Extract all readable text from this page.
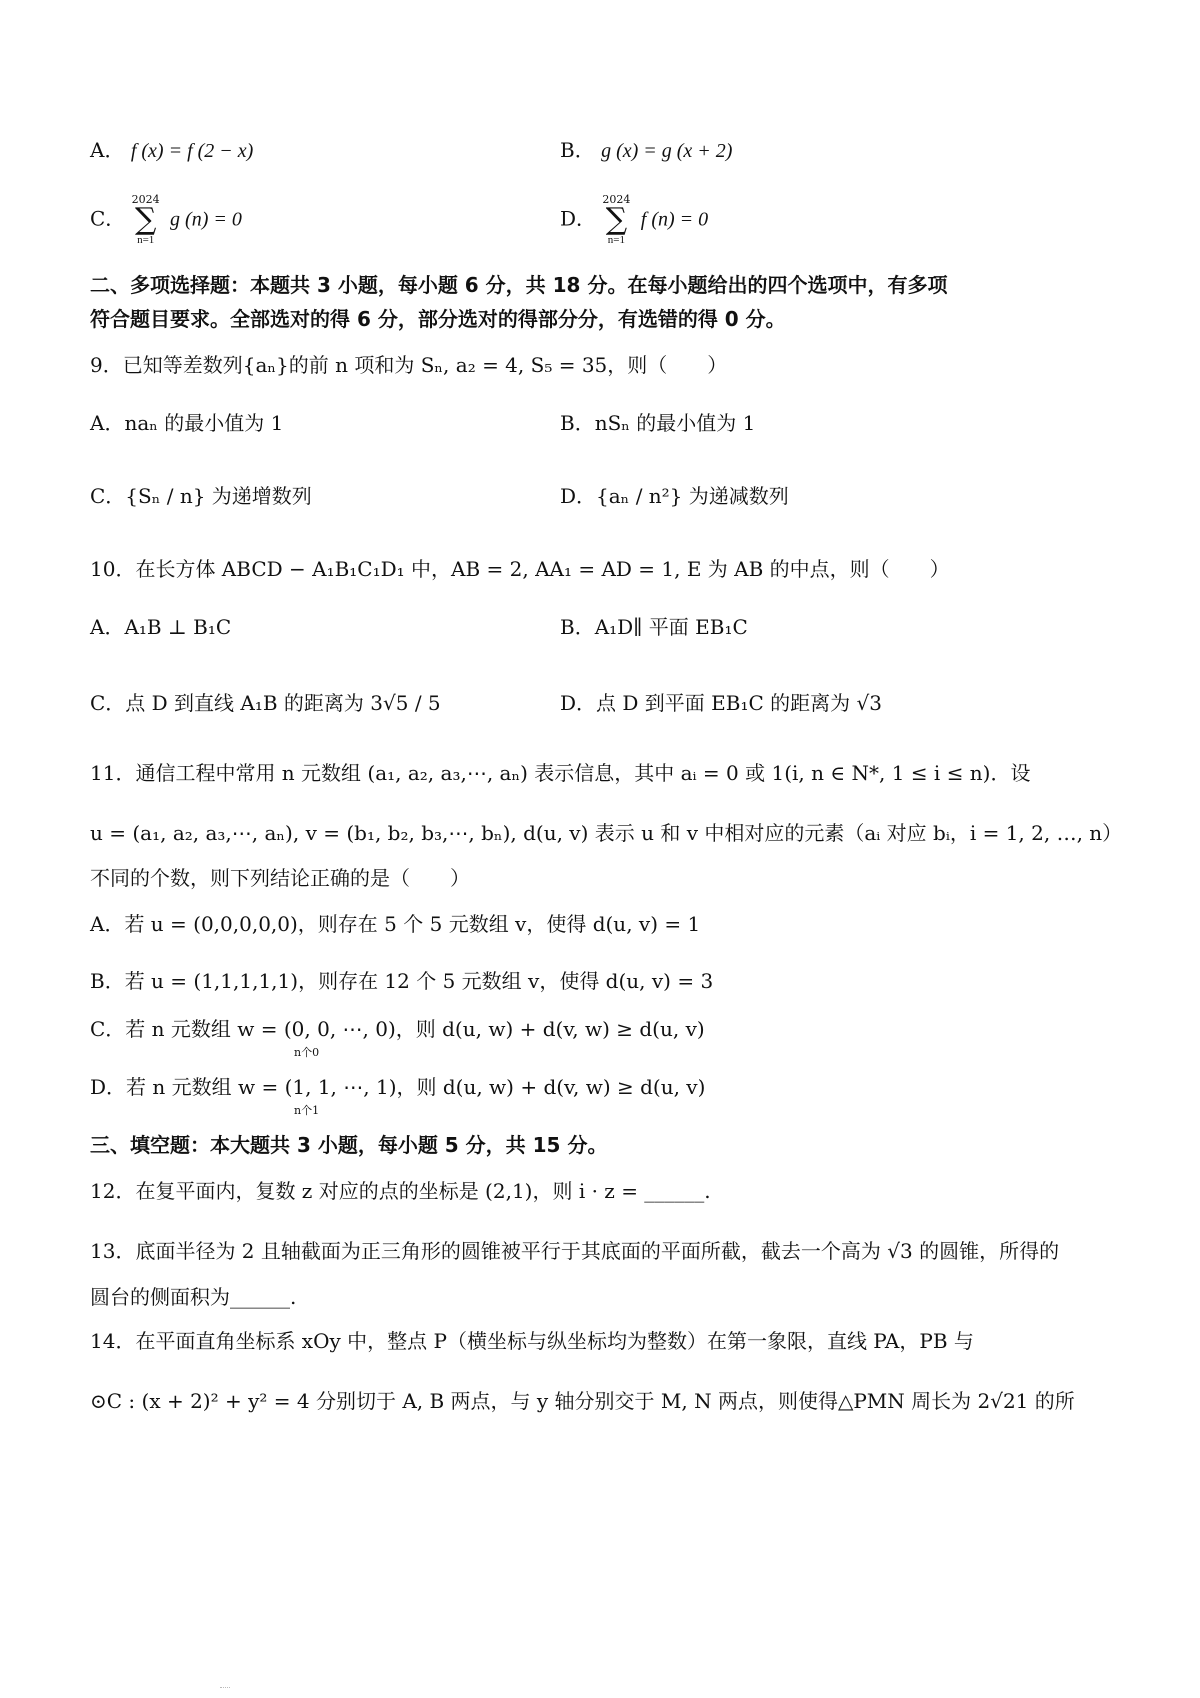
A． f (x) = f (2 − x)	B． g (x) = g (x + 2)
C．
2024
∑
n=1
g (n) = 0	D．
2024
∑
n=1
f (n) = 0
二、多项选择题：本题共 3 小题，每小题 6 分，共 18 分。在每小题给出的四个选项中，有多项
符合题目要求。全部选对的得 6 分，部分选对的得部分分，有选错的得 0 分。
9．已知等差数列{aₙ}的前 n 项和为 Sₙ, a₂ = 4, S₅ = 35，则（　　）
A．naₙ 的最小值为 1	B．nSₙ 的最小值为 1
C．{Sₙ / n} 为递增数列	D．{aₙ / n²} 为递减数列
10．在长方体 ABCD − A₁B₁C₁D₁ 中，AB = 2, AA₁ = AD = 1, E 为 AB 的中点，则（　　）
A．A₁B ⊥ B₁C	B．A₁D∥ 平面 EB₁C
C．点 D 到直线 A₁B 的距离为 3√5 / 5	D．点 D 到平面 EB₁C 的距离为 √3
11．通信工程中常用 n 元数组 (a₁, a₂, a₃,⋯, aₙ) 表示信息，其中 aᵢ = 0 或 1(i, n ∈ N*, 1 ≤ i ≤ n)．设
u = (a₁, a₂, a₃,⋯, aₙ), v = (b₁, b₂, b₃,⋯, bₙ), d(u, v) 表示 u 和 v 中相对应的元素（aᵢ 对应 bᵢ，i = 1, 2, …, n）
不同的个数，则下列结论正确的是（　　）
A．若 u = (0,0,0,0,0)，则存在 5 个 5 元数组 v，使得 d(u, v) = 1
B．若 u = (1,1,1,1,1)，则存在 12 个 5 元数组 v，使得 d(u, v) = 3
C．若 n 元数组 w = (0, 0, ⋯, 0)，则 d(u, w) + d(v, w) ≥ d(u, v)
n个0
D．若 n 元数组 w = (1, 1, ⋯, 1)，则 d(u, w) + d(v, w) ≥ d(u, v)
n个1
三、填空题：本大题共 3 小题，每小题 5 分，共 15 分。
12．在复平面内，复数 z 对应的点的坐标是 (2,1)，则 i · z = ______.
13．底面半径为 2 且轴截面为正三角形的圆锥被平行于其底面的平面所截，截去一个高为 √3 的圆锥，所得的
圆台的侧面积为______.
14．在平面直角坐标系 xOy 中，整点 P（横坐标与纵坐标均为整数）在第一象限，直线 PA，PB 与
⊙C : (x + 2)² + y² = 4 分别切于 A, B 两点，与 y 轴分别交于 M, N 两点，则使得△PMN 周长为 2√21 的所
